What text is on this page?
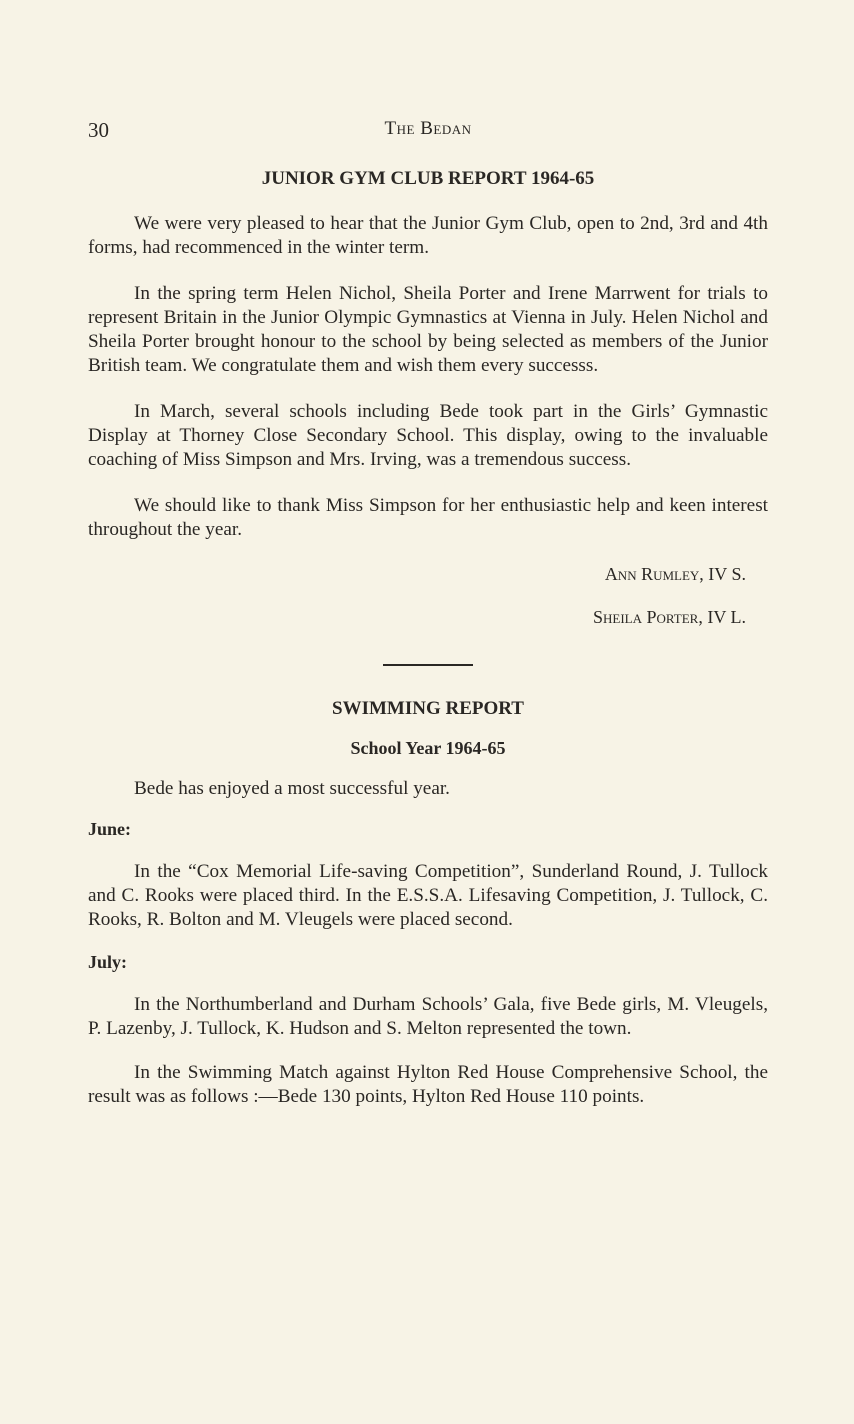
30	The Bedan

JUNIOR GYM CLUB REPORT 1964-65

We were very pleased to hear that the Junior Gym Club, open to 2nd, 3rd and 4th forms, had recommenced in the winter term.

In the spring term Helen Nichol, Sheila Porter and Irene Marrwent for trials to represent Britain in the Junior Olympic Gymnastics at Vienna in July. Helen Nichol and Sheila Porter brought honour to the school by being selected as members of the Junior British team. We congratulate them and wish them every successs.

In March, several schools including Bede took part in the Girls’ Gymnastic Display at Thorney Close Secondary School. This display, owing to the invaluable coaching of Miss Simpson and Mrs. Irving, was a tremendous success.

We should like to thank Miss Simpson for her enthusiastic help and keen interest throughout the year.

Ann Rumley, IV S.

Sheila Porter, IV L.

SWIMMING REPORT

School Year 1964-65

Bede has enjoyed a most successful year.

June:

In the “Cox Memorial Life-saving Competition”, Sunderland Round, J. Tullock and C. Rooks were placed third. In the E.S.S.A. Lifesaving Competition, J. Tullock, C. Rooks, R. Bolton and M. Vleugels were placed second.

July:

In the Northumberland and Durham Schools’ Gala, five Bede girls, M. Vleugels, P. Lazenby, J. Tullock, K. Hudson and S. Melton represented the town.

In the Swimming Match against Hylton Red House Comprehensive School, the result was as follows :—Bede 130 points, Hylton Red House 110 points.
